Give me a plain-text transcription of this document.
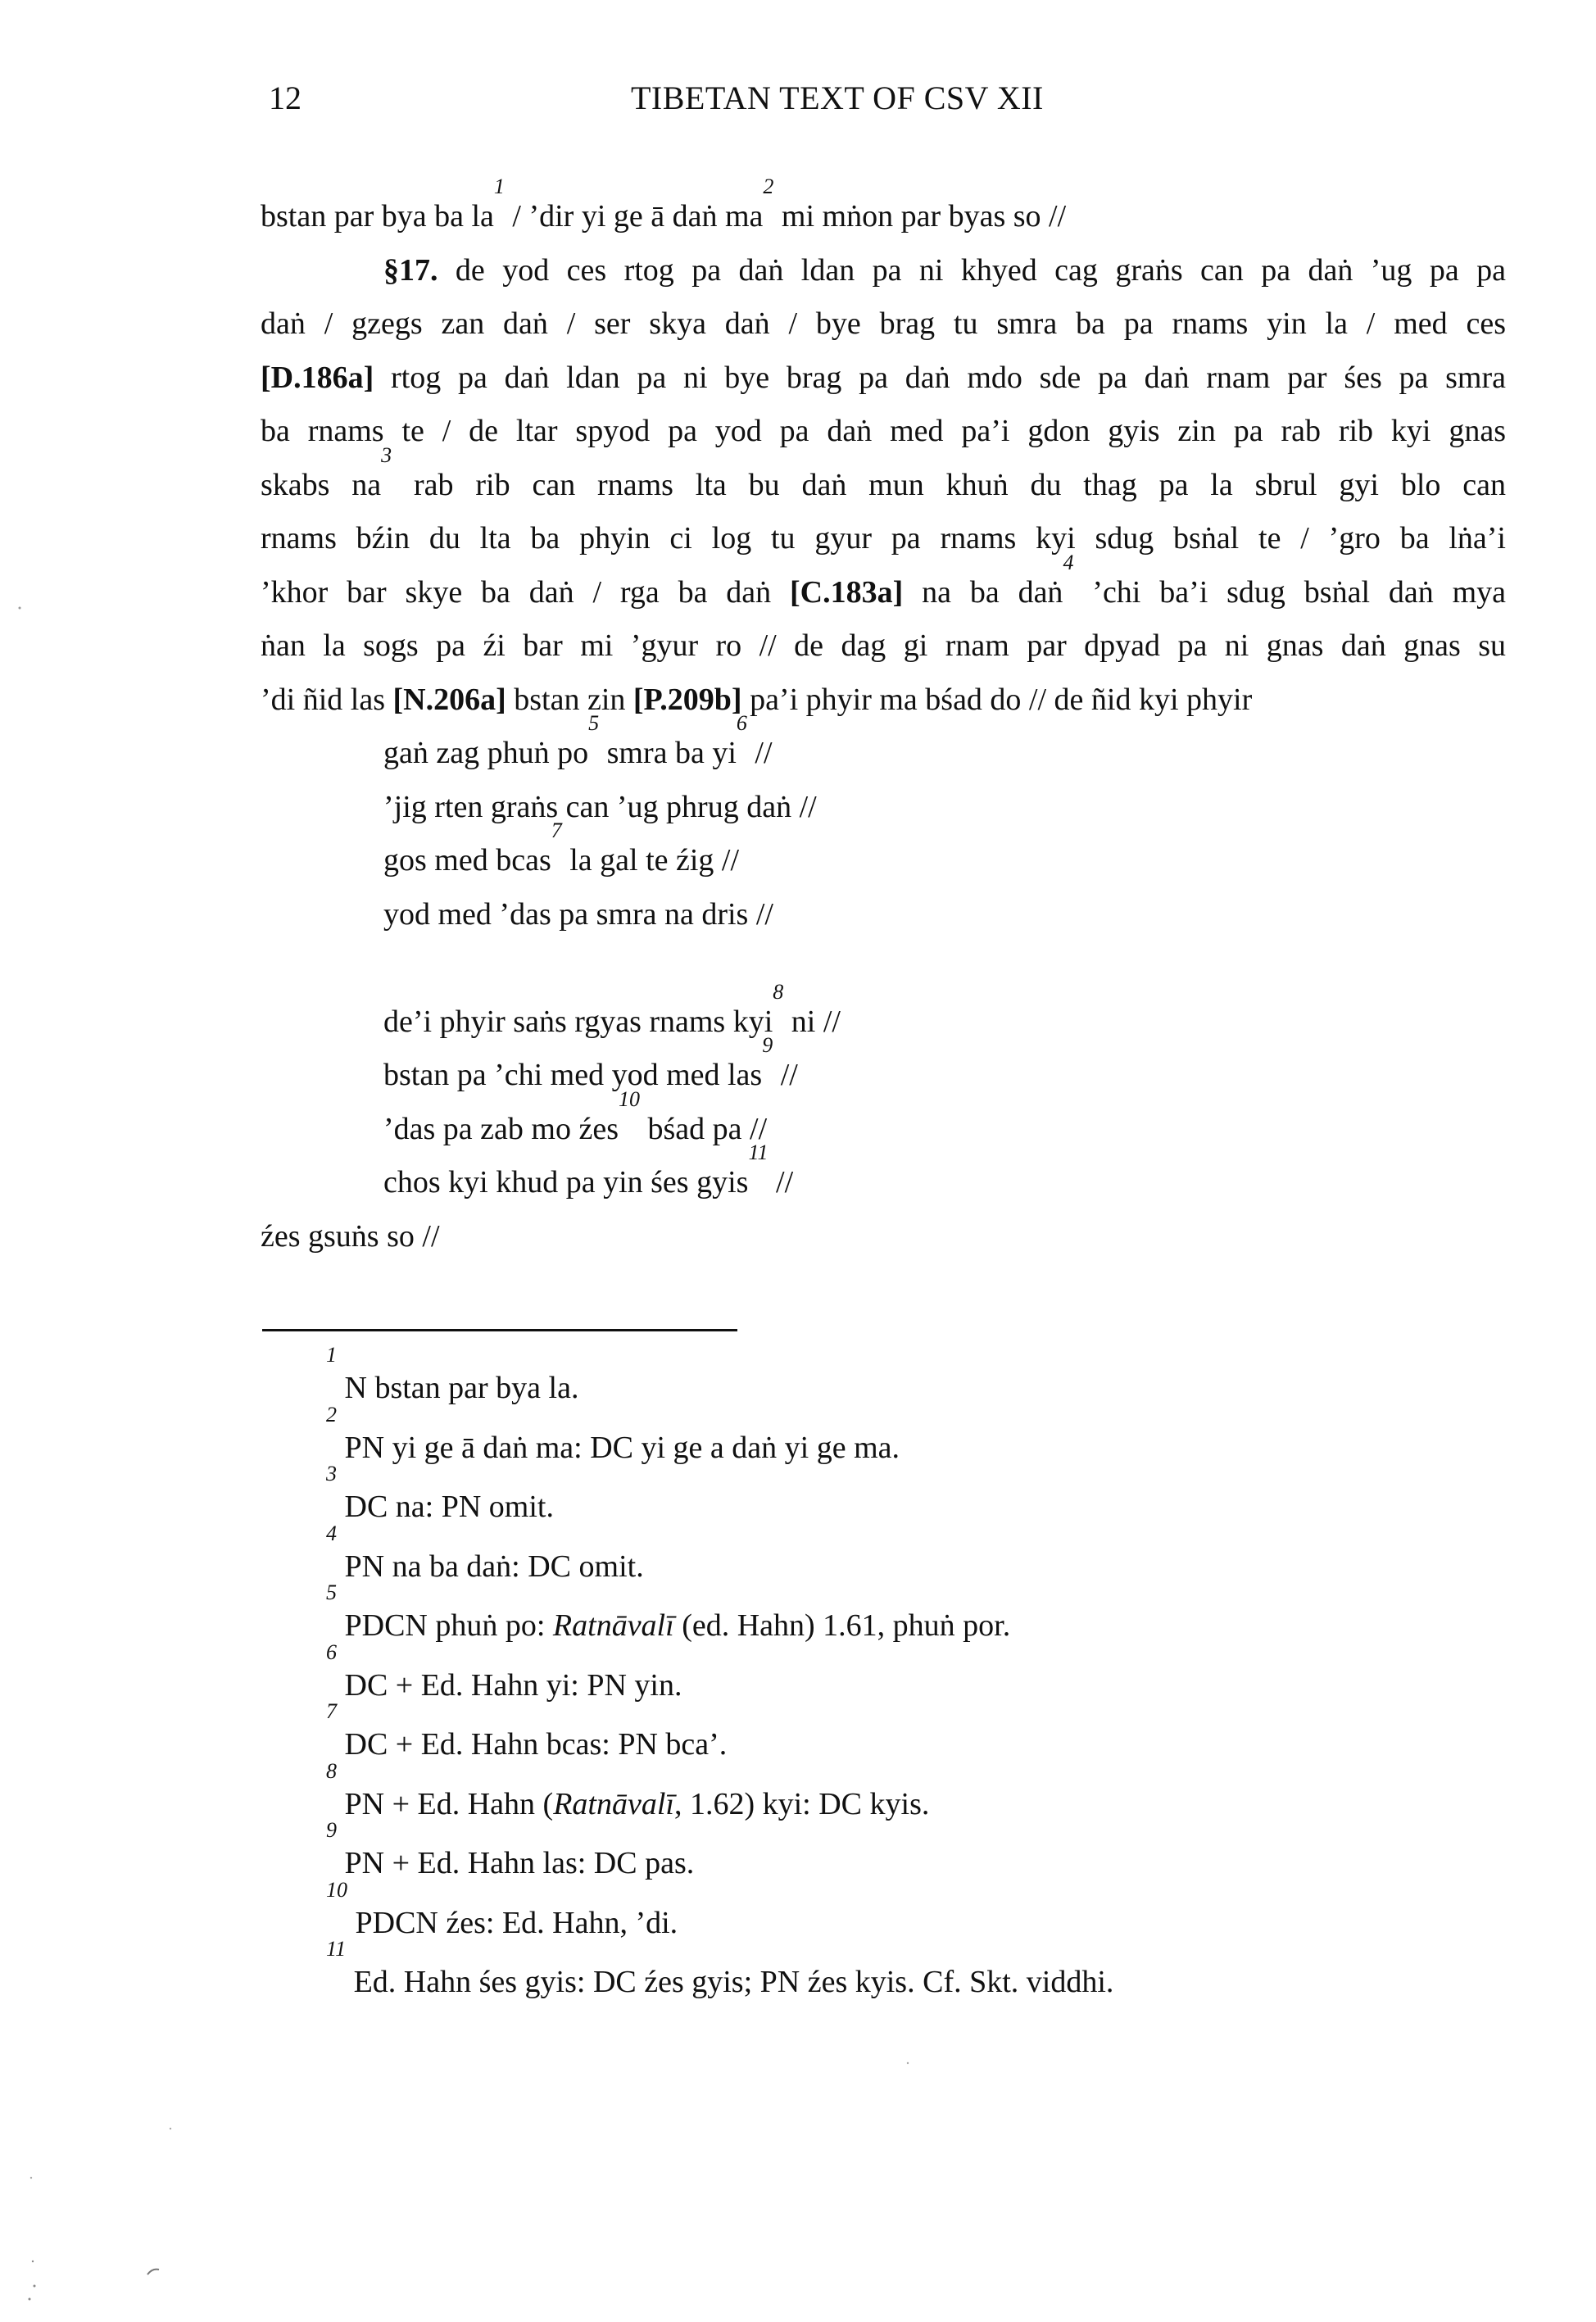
12	TIBETAN TEXT OF CSV XII
bstan par bya ba $la^1$ / ’dir yi ge ā daṅ $ma^2$ mi mṅon par byas so //
§17. de yod ces rtog pa daṅ ldan pa ni khyed cag graṅs can pa daṅ ’ug pa pa
daṅ / gzegs zan daṅ / ser skya daṅ / bye brag tu smra ba pa rnams yin la / med ces
[D.186a] rtog pa daṅ ldan pa ni bye brag pa daṅ mdo sde pa daṅ rnam par śes pa smra
ba rnams te / de ltar spyod pa yod pa daṅ med pa’i gdon gyis zin pa rab rib kyi gnas
skabs $na^3$ rab rib can rnams lta bu daṅ mun khuṅ du thag pa la sbrul gyi blo can
rnams bźin du lta ba phyin ci log tu gyur pa rnams kyi sdug bsṅal te / ’gro ba lṅa’i
’khor bar skye ba daṅ / rga ba daṅ [C.183a] na ba daṅ$^4$ ’chi ba’i sdug bsṅal daṅ mya
ṅan la sogs pa źi bar mi ’gyur ro // de dag gi rnam par dpyad pa ni gnas daṅ gnas su
’di ñid las [N.206a] bstan zin [P.209b] pa’i phyir ma bśad do // de ñid kyi phyir
gaṅ zag phuṅ $po^5$ smra ba $yi^6$ //
’jig rten graṅs can ’ug phrug daṅ //
gos med bcas$^7$ la gal te źig //
yod med ’das pa smra na dris //
de’i phyir saṅs rgyas rnams kyi$^8$ ni //
bstan pa ’chi med yod med las$^9$ //
’das pa zab mo źes$^{10}$ bśad pa //
chos kyi khud pa yin śes gyis$^{11}$ //
źes gsuṅs so //
$^1$ N bstan par bya la.
$^2$ PN yi ge ā daṅ ma: DC yi ge a daṅ yi ge ma.
$^3$ DC na: PN omit.
$^4$ PN na ba daṅ: DC omit.
$^5$ PDCN phuṅ po: Ratnāvalī (ed. Hahn) 1.61, phuṅ por.
$^6$ DC + Ed. Hahn yi: PN yin.
$^7$ DC + Ed. Hahn bcas: PN bca’.
$^8$ PN + Ed. Hahn (Ratnāvalī, 1.62) kyi: DC kyis.
$^9$ PN + Ed. Hahn las: DC pas.
$^{10}$ PDCN źes: Ed. Hahn, ’di.
$^{11}$ Ed. Hahn śes gyis: DC źes gyis; PN źes kyis. Cf. Skt. viddhi.
